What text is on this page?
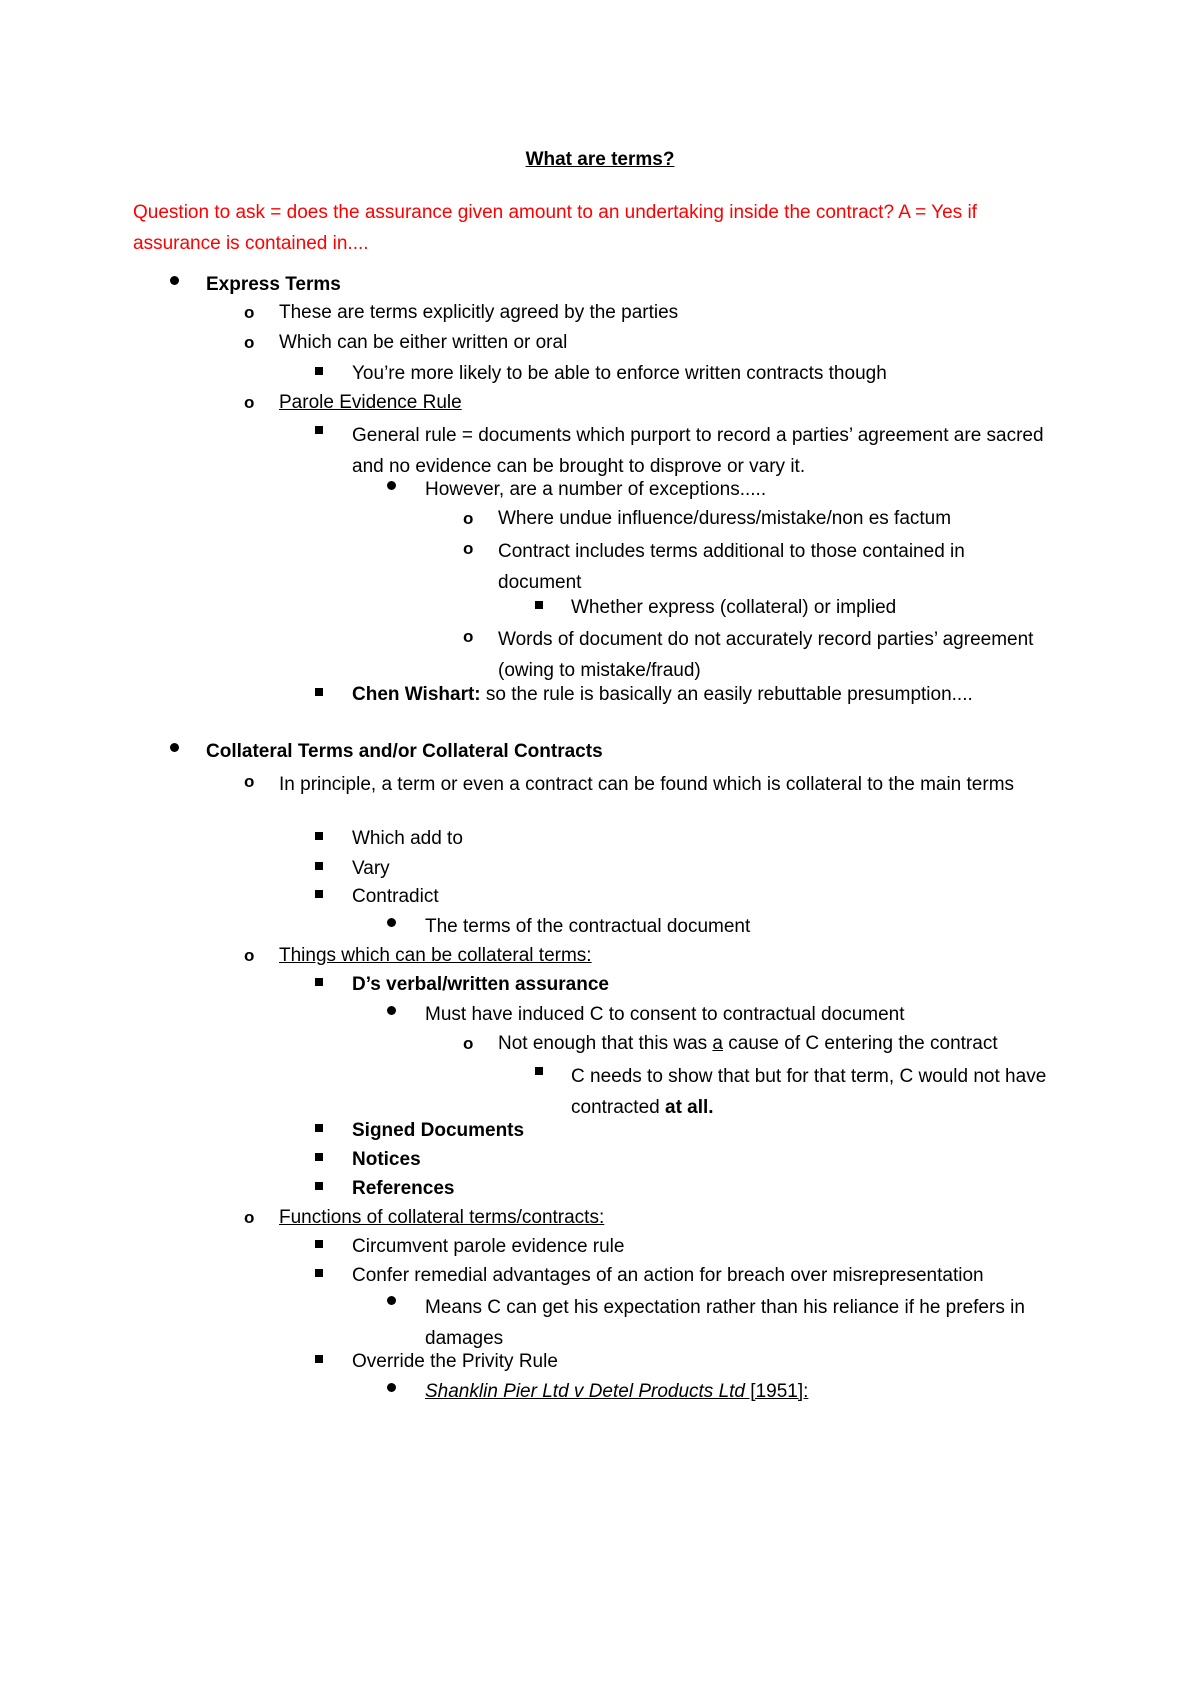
What are terms?
Question to ask = does the assurance given amount to an undertaking inside the contract? A = Yes if assurance is contained in....
Express Terms
o These are terms explicitly agreed by the parties
o Which can be either written or oral
You’re more likely to be able to enforce written contracts though
o Parole Evidence Rule
General rule = documents which purport to record a parties’ agreement are sacred and no evidence can be brought to disprove or vary it.
However, are a number of exceptions.....
o Where undue influence/duress/mistake/non es factum
o Contract includes terms additional to those contained in document
Whether express (collateral) or implied
o Words of document do not accurately record parties’ agreement (owing to mistake/fraud)
Chen Wishart: so the rule is basically an easily rebuttable presumption....
Collateral Terms and/or Collateral Contracts
o In principle, a term or even a contract can be found which is collateral to the main terms
Which add to
Vary
Contradict
The terms of the contractual document
o Things which can be collateral terms:
D’s verbal/written assurance
Must have induced C to consent to contractual document
o Not enough that this was a cause of C entering the contract
C needs to show that but for that term, C would not have contracted at all.
Signed Documents
Notices
References
o Functions of collateral terms/contracts:
Circumvent parole evidence rule
Confer remedial advantages of an action for breach over misrepresentation
Means C can get his expectation rather than his reliance if he prefers in damages
Override the Privity Rule
Shanklin Pier Ltd v Detel Products Ltd [1951]:
